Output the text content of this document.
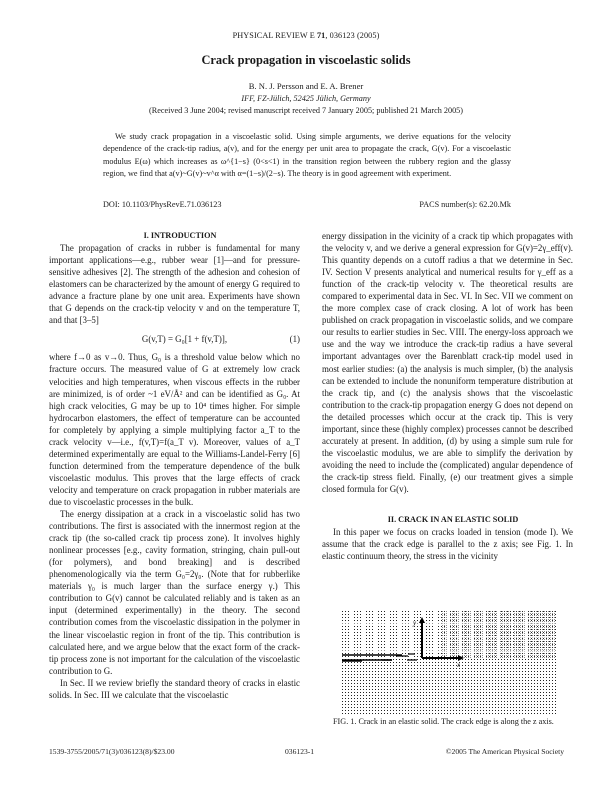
PHYSICAL REVIEW E 71, 036123 (2005)
Crack propagation in viscoelastic solids
B. N. J. Persson and E. A. Brener
IFF, FZ-Jülich, 52425 Jülich, Germany
(Received 3 June 2004; revised manuscript received 7 January 2005; published 21 March 2005)
We study crack propagation in a viscoelastic solid. Using simple arguments, we derive equations for the velocity dependence of the crack-tip radius, a(v), and for the energy per unit area to propagate the crack, G(v). For a viscoelastic modulus E(ω) which increases as ω^{1−s} (0<s<1) in the transition region between the rubbery region and the glassy region, we find that a(v)~G(v)~v^α with α=(1−s)/(2−s). The theory is in good agreement with experiment.
DOI: 10.1103/PhysRevE.71.036123	PACS number(s): 62.20.Mk

I. INTRODUCTION

The propagation of cracks in rubber is fundamental for many important applications—e.g., rubber wear [1]—and for pressure-sensitive adhesives [2]. The strength of the adhesion and cohesion of elastomers can be characterized by the amount of energy G required to advance a fracture plane by one unit area. Experiments have shown that G depends on the crack-tip velocity v and on the temperature T, and that [3–5]

G(v,T) = G₀[1 + f(v,T)],	(1)

where f→0 as v→0. Thus, G₀ is a threshold value below which no fracture occurs. The measured value of G at extremely low crack velocities and high temperatures, when viscous effects in the rubber are minimized, is of order ~1 eV/Å² and can be identified as G₀. At high crack velocities, G may be up to 10⁴ times higher. For simple hydrocarbon elastomers, the effect of temperature can be accounted for completely by applying a simple multiplying factor a_T to the crack velocity v—i.e., f(v,T)=f(a_T v). Moreover, values of a_T determined experimentally are equal to the Williams-Landel-Ferry [6] function determined from the temperature dependence of the bulk viscoelastic modulus. This proves that the large effects of crack velocity and temperature on crack propagation in rubber materials are due to viscoelastic processes in the bulk.

The energy dissipation at a crack in a viscoelastic solid has two contributions. The first is associated with the innermost region at the crack tip (the so-called crack tip process zone). It involves highly nonlinear processes [e.g., cavity formation, stringing, chain pull-out (for polymers), and bond breaking] and is described phenomenologically via the term G₀=2γ₀. (Note that for rubberlike materials γ₀ is much larger than the surface energy γ.) This contribution to G(v) cannot be calculated reliably and is taken as an input (determined experimentally) in the theory. The second contribution comes from the viscoelastic dissipation in the polymer in the linear viscoelastic region in front of the tip. This contribution is calculated here, and we argue below that the exact form of the crack-tip process zone is not important for the calculation of the viscoelastic contribution to G.

In Sec. II we review briefly the standard theory of cracks in elastic solids. In Sec. III we calculate that the viscoelastic

energy dissipation in the vicinity of a crack tip which propagates with the velocity v, and we derive a general expression for G(v)=2γ_eff(v). This quantity depends on a cutoff radius a that we determine in Sec. IV. Section V presents analytical and numerical results for γ_eff as a function of the crack-tip velocity v. The theoretical results are compared to experimental data in Sec. VI. In Sec. VII we comment on the more complex case of crack closing. A lot of work has been published on crack propagation in viscoelastic solids, and we compare our results to earlier studies in Sec. VIII. The energy-loss approach we use and the way we introduce the crack-tip radius a have several important advantages over the Barenblatt crack-tip model used in most earlier studies: (a) the analysis is much simpler, (b) the analysis can be extended to include the nonuniform temperature distribution at the crack tip, and (c) the analysis shows that the viscoelastic contribution to the crack-tip propagation energy G does not depend on the detailed processes which occur at the crack tip. This is very important, since these (highly complex) processes cannot be described accurately at present. In addition, (d) by using a simple sum rule for the viscoelastic modulus, we are able to simplify the derivation by avoiding the need to include the (complicated) angular dependence of the crack-tip stress field. Finally, (e) our treatment gives a simple closed formula for G(v).

II. CRACK IN AN ELASTIC SOLID

In this paper we focus on cracks loaded in tension (mode I). We assume that the crack edge is parallel to the z axis; see Fig. 1. In elastic continuum theory, the stress in the vicinity

y
x
FIG. 1. Crack in an elastic solid. The crack edge is along the z axis.
1539-3755/2005/71(3)/036123(8)/$23.00	036123-1	©2005 The American Physical Society
